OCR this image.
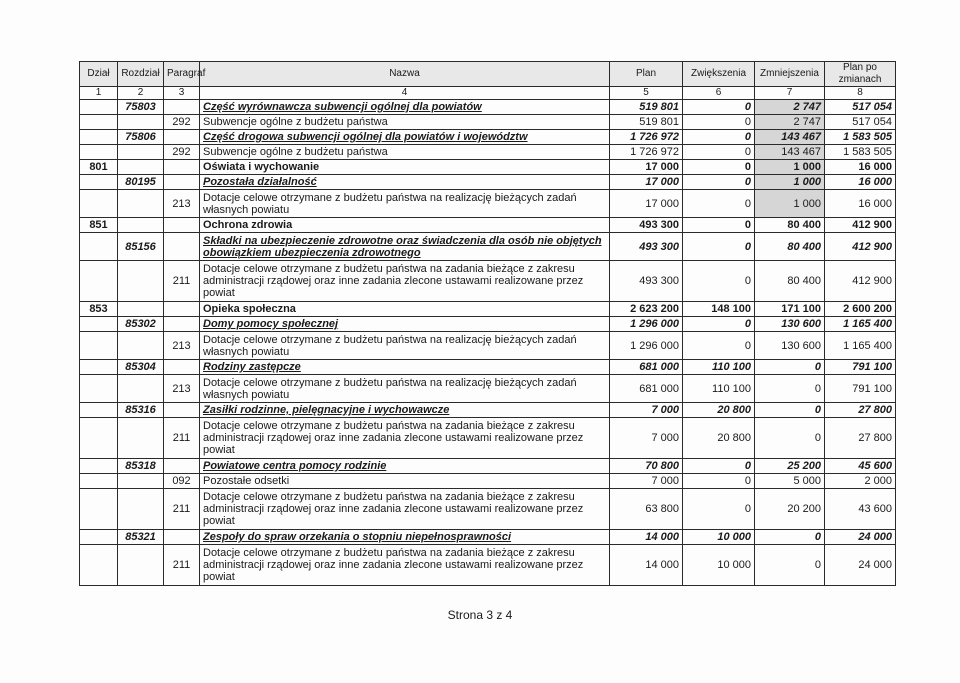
Dział	Rozdział	Paragraf	Nazwa	Plan	Zwiększenia	Zmniejszenia	Plan po zmianach
1	2	3	4	5	6	7	8
	75803		Część wyrównawcza subwencji ogólnej dla powiatów	519 801	0	2 747	517 054
		292	Subwencje ogólne z budżetu państwa	519 801	0	2 747	517 054
	75806		Część drogowa subwencji ogólnej dla powiatów i województw	1 726 972	0	143 467	1 583 505
		292	Subwencje ogólne z budżetu państwa	1 726 972	0	143 467	1 583 505
801			Oświata i wychowanie	17 000	0	1 000	16 000
	80195		Pozostała działalność	17 000	0	1 000	16 000
		213	Dotacje celowe otrzymane z budżetu państwa na realizację bieżących zadań własnych powiatu	17 000	0	1 000	16 000
851			Ochrona zdrowia	493 300	0	80 400	412 900
	85156		Składki na ubezpieczenie zdrowotne oraz świadczenia dla osób nie objętych obowiązkiem ubezpieczenia zdrowotnego	493 300	0	80 400	412 900
		211	Dotacje celowe otrzymane z budżetu państwa na zadania bieżące z zakresu administracji rządowej oraz inne zadania zlecone ustawami realizowane przez powiat	493 300	0	80 400	412 900
853			Opieka społeczna	2 623 200	148 100	171 100	2 600 200
	85302		Domy pomocy społecznej	1 296 000	0	130 600	1 165 400
		213	Dotacje celowe otrzymane z budżetu państwa na realizację bieżących zadań własnych powiatu	1 296 000	0	130 600	1 165 400
	85304		Rodziny zastępcze	681 000	110 100	0	791 100
		213	Dotacje celowe otrzymane z budżetu państwa na realizację bieżących zadań własnych powiatu	681 000	110 100	0	791 100
	85316		Zasiłki rodzinne, pielęgnacyjne i wychowawcze	7 000	20 800	0	27 800
		211	Dotacje celowe otrzymane z budżetu państwa na zadania bieżące z zakresu administracji rządowej oraz inne zadania zlecone ustawami realizowane przez powiat	7 000	20 800	0	27 800
	85318		Powiatowe centra pomocy rodzinie	70 800	0	25 200	45 600
		092	Pozostałe odsetki	7 000	0	5 000	2 000
		211	Dotacje celowe otrzymane z budżetu państwa na zadania bieżące z zakresu administracji rządowej oraz inne zadania zlecone ustawami realizowane przez powiat	63 800	0	20 200	43 600
	85321		Zespoły do spraw orzekania o stopniu niepełnosprawności	14 000	10 000	0	24 000
		211	Dotacje celowe otrzymane z budżetu państwa na zadania bieżące z zakresu administracji rządowej oraz inne zadania zlecone ustawami realizowane przez powiat	14 000	10 000	0	24 000
Strona 3 z 4
